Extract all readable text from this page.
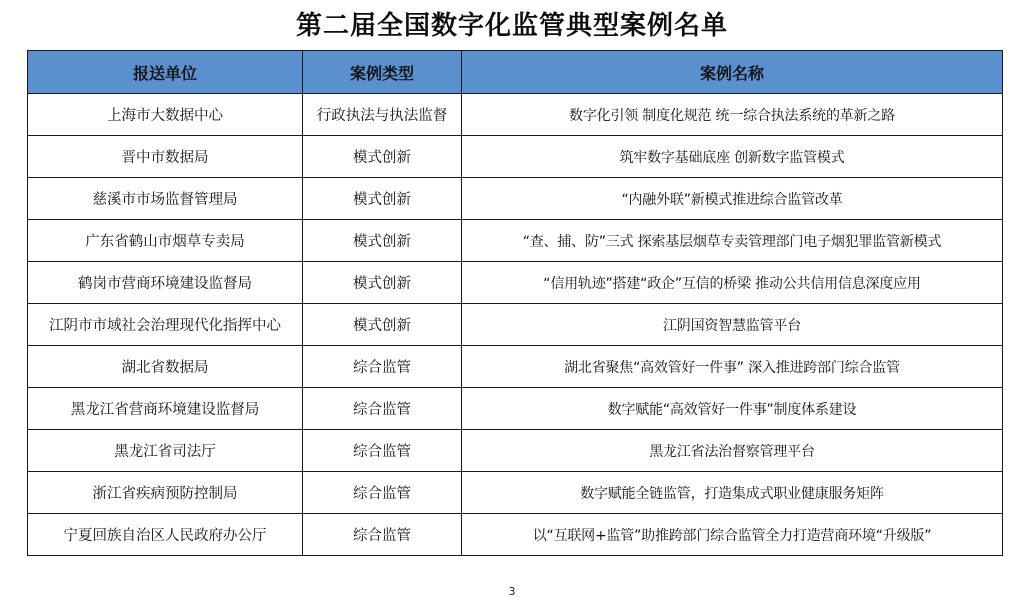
第二届全国数字化监管典型案例名单
报送单位	案例类型	案例名称
上海市大数据中心	行政执法与执法监督	数字化引领 制度化规范 统一综合执法系统的革新之路
晋中市数据局	模式创新	筑牢数字基础底座 创新数字监管模式
慈溪市市场监督管理局	模式创新	“内融外联”新模式推进综合监管改革
广东省鹤山市烟草专卖局	模式创新	“查、捕、防”三式 探索基层烟草专卖管理部门电子烟犯罪监管新模式
鹤岗市营商环境建设监督局	模式创新	“信用轨迹”搭建“政企”互信的桥梁 推动公共信用信息深度应用
江阴市市域社会治理现代化指挥中心	模式创新	江阴国资智慧监管平台
湖北省数据局	综合监管	湖北省聚焦“高效管好一件事” 深入推进跨部门综合监管
黑龙江省营商环境建设监督局	综合监管	数字赋能“高效管好一件事”制度体系建设
黑龙江省司法厅	综合监管	黑龙江省法治督察管理平台
浙江省疾病预防控制局	综合监管	数字赋能全链监管，打造集成式职业健康服务矩阵
宁夏回族自治区人民政府办公厅	综合监管	以“互联网+监管”助推跨部门综合监管全力打造营商环境“升级版”
3
